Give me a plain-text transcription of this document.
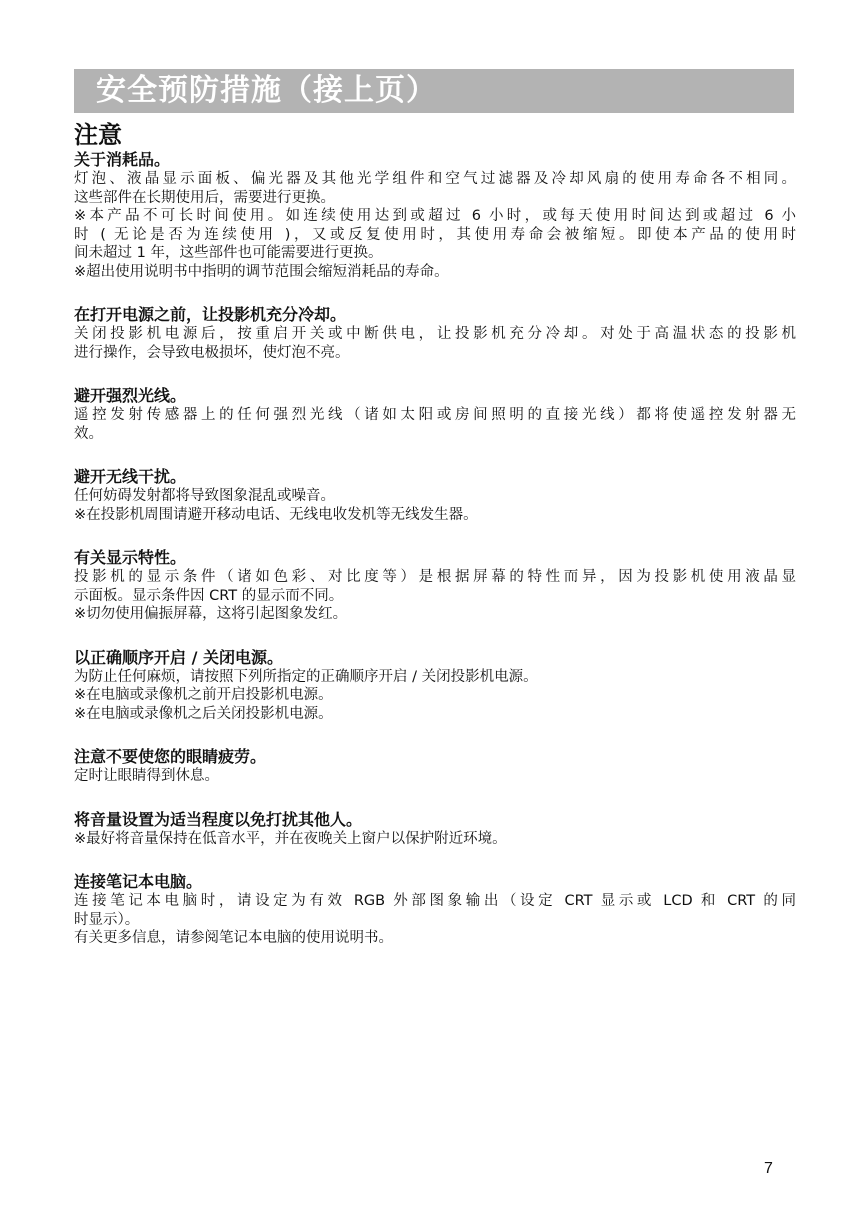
安全预防措施（接上页）
注意
关于消耗品。
灯泡、液晶显示面板、偏光器及其他光学组件和空气过滤器及冷却风扇的使用寿命各不相同。
这些部件在长期使用后，需要进行更换。
※本产品不可长时间使用。如连续使用达到或超过 6 小时，或每天使用时间达到或超过 6 小
时 ( 无论是否为连续使用 )，又或反复使用时，其使用寿命会被缩短。即使本产品的使用时
间未超过 1 年，这些部件也可能需要进行更换。
※超出使用说明书中指明的调节范围会缩短消耗品的寿命。
在打开电源之前，让投影机充分冷却。
关闭投影机电源后，按重启开关或中断供电，让投影机充分冷却。对处于高温状态的投影机
进行操作，会导致电极损坏，使灯泡不亮。
避开强烈光线。
遥控发射传感器上的任何强烈光线（诸如太阳或房间照明的直接光线）都将使遥控发射器无
效。
避开无线干扰。
任何妨碍发射都将导致图象混乱或噪音。
※在投影机周围请避开移动电话、无线电收发机等无线发生器。
有关显示特性。
投影机的显示条件（诸如色彩、对比度等）是根据屏幕的特性而异，因为投影机使用液晶显
示面板。显示条件因 CRT 的显示而不同。
※切勿使用偏振屏幕，这将引起图象发红。
以正确顺序开启 / 关闭电源。
为防止任何麻烦，请按照下列所指定的正确顺序开启 / 关闭投影机电源。
※在电脑或录像机之前开启投影机电源。
※在电脑或录像机之后关闭投影机电源。
注意不要使您的眼睛疲劳。
定时让眼睛得到休息。
将音量设置为适当程度以免打扰其他人。
※最好将音量保持在低音水平，并在夜晚关上窗户以保护附近环境。
连接笔记本电脑。
连接笔记本电脑时，请设定为有效 RGB 外部图象输出（设定 CRT 显示或 LCD 和 CRT 的同
时显示）。
有关更多信息，请参阅笔记本电脑的使用说明书。
7
